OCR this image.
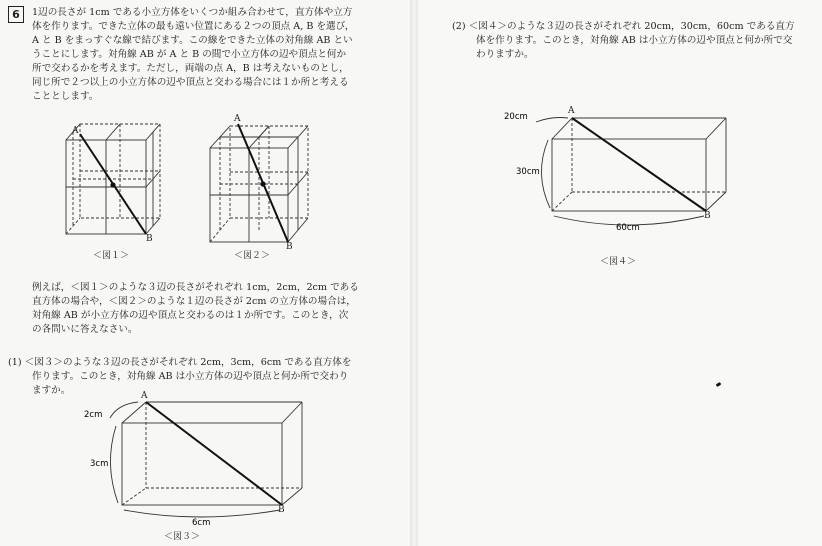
6	1辺の長さが 1cm である小立方体をいくつか組み合わせて，直方体や立方
体を作ります。できた立体の最も遠い位置にある２つの頂点 A, B を選び，
A と B をまっすぐな線で結びます。この線をできた立体の対角線 AB とい
うことにします。対角線 AB が A と B の間で小立方体の辺や頂点と何か
所で交わるかを考えます。ただし，両端の点 A，B は考えないものとし，
同じ所で２つ以上の小立方体の辺や頂点と交わる場合には１か所と考える
こととします。
A
B
＜図１＞
A
B
＜図２＞
例えば，＜図１＞のような３辺の長さがそれぞれ 1cm，2cm，2cm である
直方体の場合や，＜図２＞のような１辺の長さが 2cm の立方体の場合は，
対角線 AB が小立方体の辺や頂点と交わるのは１か所です。このとき，次
の各問いに答えなさい。
(1) ＜図３＞のような３辺の長さがそれぞれ 2cm，3cm，6cm である直方体を
作ります。このとき，対角線 AB は小立方体の辺や頂点と何か所で交わり
ますか。
2cm
3cm
6cm
A
B
＜図３＞
(2) ＜図４＞のような３辺の長さがそれぞれ 20cm，30cm，60cm である直方
体を作ります。このとき，対角線 AB は小立方体の辺や頂点と何か所で交
わりますか。
20cm
30cm
60cm
A
B
＜図４＞
